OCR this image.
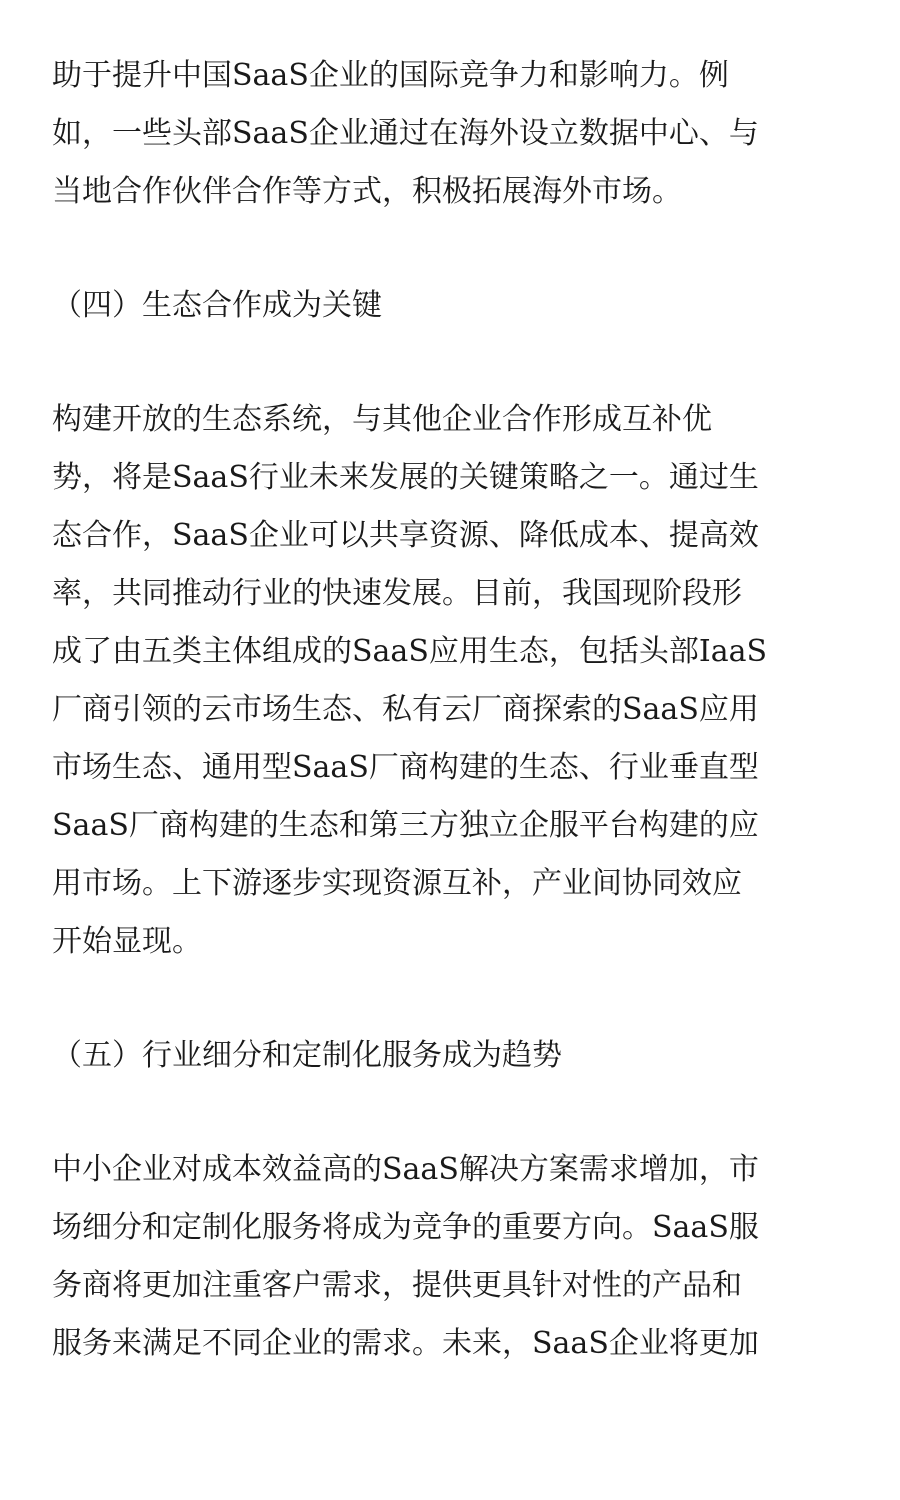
助于提升中国SaaS企业的国际竞争力和影响力。例
如，一些头部SaaS企业通过在海外设立数据中心、与
当地合作伙伴合作等方式，积极拓展海外市场。
（四）生态合作成为关键
构建开放的生态系统，与其他企业合作形成互补优
势，将是SaaS行业未来发展的关键策略之一。通过生
态合作，SaaS企业可以共享资源、降低成本、提高效
率，共同推动行业的快速发展。目前，我国现阶段形
成了由五类主体组成的SaaS应用生态，包括头部IaaS
厂商引领的云市场生态、私有云厂商探索的SaaS应用
市场生态、通用型SaaS厂商构建的生态、行业垂直型
SaaS厂商构建的生态和第三方独立企服平台构建的应
用市场。上下游逐步实现资源互补，产业间协同效应
开始显现。
（五）行业细分和定制化服务成为趋势
中小企业对成本效益高的SaaS解决方案需求增加，市
场细分和定制化服务将成为竞争的重要方向。SaaS服
务商将更加注重客户需求，提供更具针对性的产品和
服务来满足不同企业的需求。未来，SaaS企业将更加
